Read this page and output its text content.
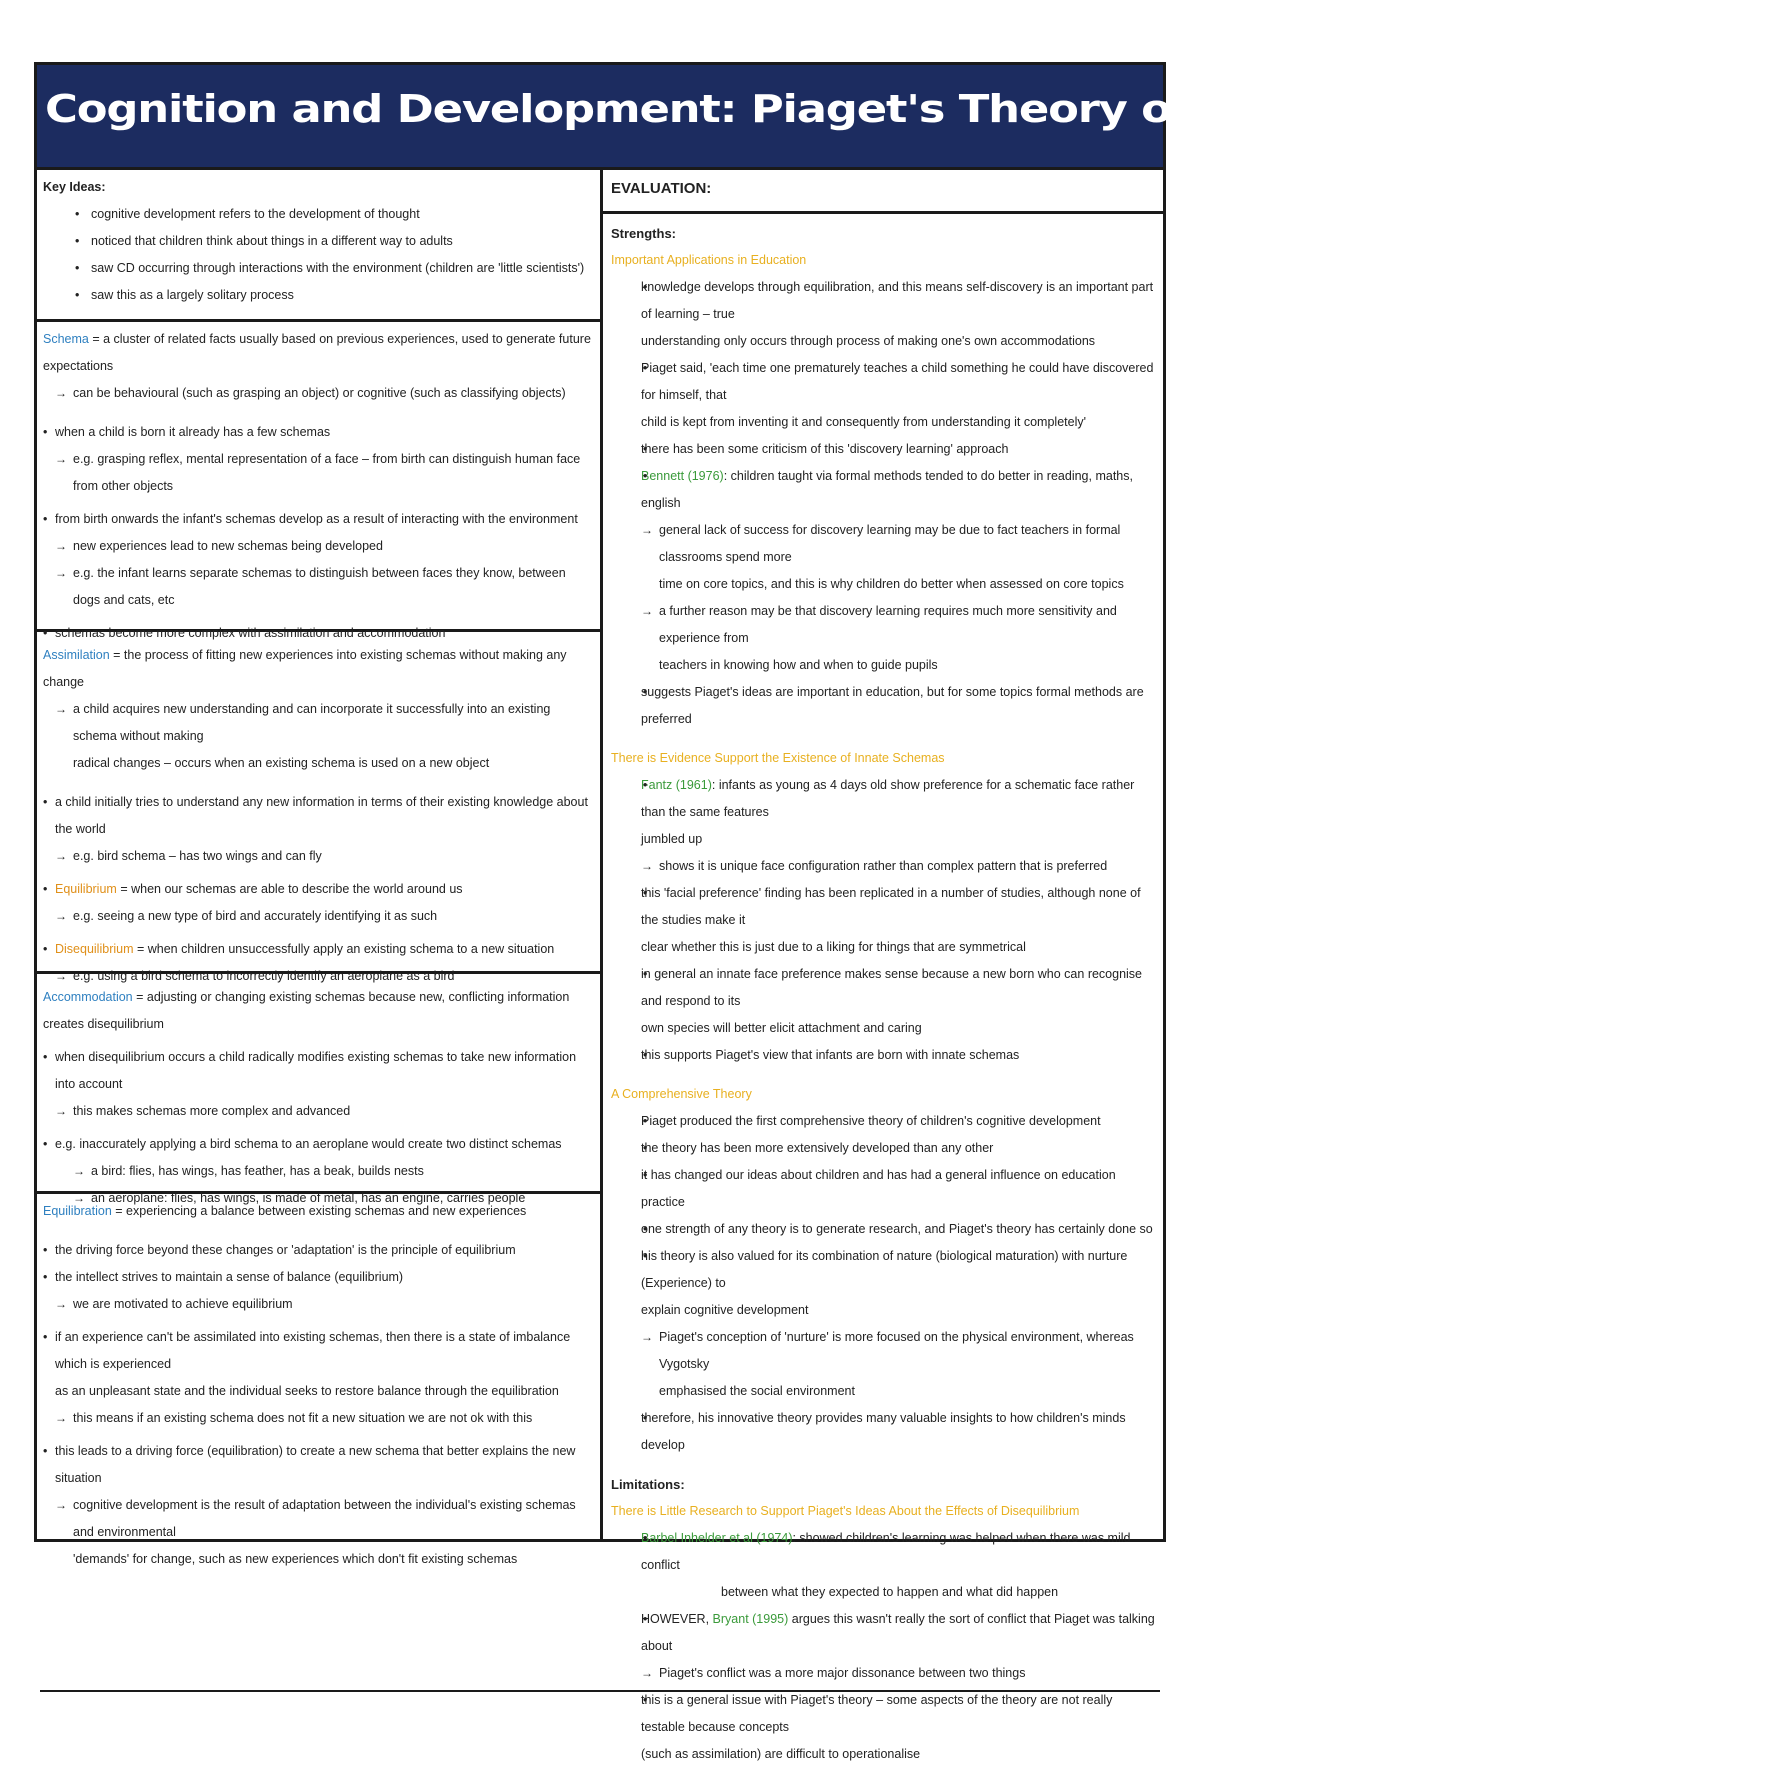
Cognition and Development: Piaget's Theory of Cognitive Development
Key Ideas:
• cognitive development refers to the development of thought
• noticed that children think about things in a different way to adults
• saw CD occurring through interactions with the environment (children are 'little scientists')
• saw this as a largely solitary process
Schema = a cluster of related facts usually based on previous experiences, used to generate future expectations
→ can be behavioural (such as grasping an object) or cognitive (such as classifying objects)
• when a child is born it already has a few schemas
→ e.g. grasping reflex, mental representation of a face – from birth can distinguish human face from other objects
• from birth onwards the infant's schemas develop as a result of interacting with the environment
→ new experiences lead to new schemas being developed
→ e.g. the infant learns separate schemas to distinguish between faces they know, between dogs and cats, etc
• schemas become more complex with assimilation and accommodation
Assimilation = the process of fitting new experiences into existing schemas without making any change
→ a child acquires new understanding and can incorporate it successfully into an existing schema without making
radical changes – occurs when an existing schema is used on a new object
• a child initially tries to understand any new information in terms of their existing knowledge about the world
→ e.g. bird schema – has two wings and can fly
• Equilibrium = when our schemas are able to describe the world around us
→ e.g. seeing a new type of bird and accurately identifying it as such
• Disequilibrium = when children unsuccessfully apply an existing schema to a new situation
→ e.g. using a bird schema to incorrectly identify an aeroplane as a bird
Accommodation = adjusting or changing existing schemas because new, conflicting information creates disequilibrium
• when disequilibrium occurs a child radically modifies existing schemas to take new information into account
→ this makes schemas more complex and advanced
• e.g. inaccurately applying a bird schema to an aeroplane would create two distinct schemas
→ a bird: flies, has wings, has feather, has a beak, builds nests
→ an aeroplane: flies, has wings, is made of metal, has an engine, carries people
Equilibration = experiencing a balance between existing schemas and new experiences
• the driving force beyond these changes or 'adaptation' is the principle of equilibrium
• the intellect strives to maintain a sense of balance (equilibrium)
→ we are motivated to achieve equilibrium
• if an experience can't be assimilated into existing schemas, then there is a state of imbalance which is experienced
as an unpleasant state and the individual seeks to restore balance through the equilibration
→ this means if an existing schema does not fit a new situation we are not ok with this
• this leads to a driving force (equilibration) to create a new schema that better explains the new situation
→ cognitive development is the result of adaptation between the individual's existing schemas and environmental
'demands' for change, such as new experiences which don't fit existing schemas
EVALUATION:
Strengths:
Important Applications in Education
• knowledge develops through equilibration, and this means self-discovery is an important part of learning – true
understanding only occurs through process of making one's own accommodations
• Piaget said, 'each time one prematurely teaches a child something he could have discovered for himself, that
child is kept from inventing it and consequently from understanding it completely'
• there has been some criticism of this 'discovery learning' approach
• Bennett (1976): children taught via formal methods tended to do better in reading, maths, english
→ general lack of success for discovery learning may be due to fact teachers in formal classrooms spend more
time on core topics, and this is why children do better when assessed on core topics
→ a further reason may be that discovery learning requires much more sensitivity and experience from
teachers in knowing how and when to guide pupils
• suggests Piaget's ideas are important in education, but for some topics formal methods are preferred
There is Evidence Support the Existence of Innate Schemas
• Fantz (1961): infants as young as 4 days old show preference for a schematic face rather than the same features
jumbled up
→ shows it is unique face configuration rather than complex pattern that is preferred
• this 'facial preference' finding has been replicated in a number of studies, although none of the studies make it
clear whether this is just due to a liking for things that are symmetrical
• in general an innate face preference makes sense because a new born who can recognise and respond to its
own species will better elicit attachment and caring
• this supports Piaget's view that infants are born with innate schemas
A Comprehensive Theory
• Piaget produced the first comprehensive theory of children's cognitive development
• the theory has been more extensively developed than any other
• it has changed our ideas about children and has had a general influence on education practice
• one strength of any theory is to generate research, and Piaget's theory has certainly done so
• his theory is also valued for its combination of nature (biological maturation) with nurture (Experience) to
explain cognitive development
→ Piaget's conception of 'nurture' is more focused on the physical environment, whereas Vygotsky
emphasised the social environment
• therefore, his innovative theory provides many valuable insights to how children's minds develop
Limitations:
There is Little Research to Support Piaget's Ideas About the Effects of Disequilibrium
• Barbel Inhelder et al (1974): showed children's learning was helped when there was mild conflict
between what they expected to happen and what did happen
• HOWEVER, Bryant (1995) argues this wasn't really the sort of conflict that Piaget was talking about
→ Piaget's conflict was a more major dissonance between two things
• this is a general issue with Piaget's theory – some aspects of the theory are not really testable because concepts
(such as assimilation) are difficult to operationalise
